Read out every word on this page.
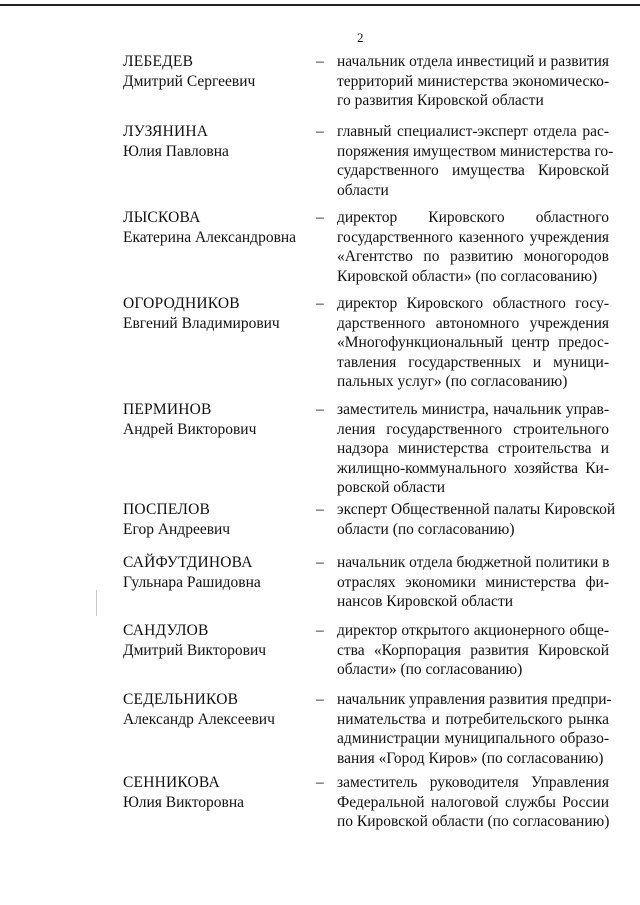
2
ЛЕБЕДЕВ
Дмитрий Сергеевич
– начальник отдела инвестиций и развития
территорий министерства экономическо-
го развития Кировской области
ЛУЗЯНИНА
Юлия Павловна
– главный специалист-эксперт отдела рас-
поряжения имуществом министерства го-
сударственного имущества Кировской
области
ЛЫСКОВА
Екатерина Александровна
– директор Кировского областного
государственного казенного учреждения
«Агентство по развитию моногородов
Кировской области» (по согласованию)
ОГОРОДНИКОВ
Евгений Владимирович
– директор Кировского областного госу-
дарственного автономного учреждения
«Многофункциональный центр предос-
тавления государственных и муници-
пальных услуг» (по согласованию)
ПЕРМИНОВ
Андрей Викторович
– заместитель министра, начальник управ-
ления государственного строительного
надзора министерства строительства и
жилищно-коммунального хозяйства Ки-
ровской области
ПОСПЕЛОВ
Егор Андреевич
– эксперт Общественной палаты Кировской
области (по согласованию)
САЙФУТДИНОВА
Гульнара Рашидовна
– начальник отдела бюджетной политики в
отраслях экономики министерства фи-
нансов Кировской области
САНДУЛОВ
Дмитрий Викторович
– директор открытого акционерного обще-
ства «Корпорация развития Кировской
области» (по согласованию)
СЕДЕЛЬНИКОВ
Александр Алексеевич
– начальник управления развития предпри-
нимательства и потребительского рынка
администрации муниципального образо-
вания «Город Киров» (по согласованию)
СЕННИКОВА
Юлия Викторовна
– заместитель руководителя Управления
Федеральной налоговой службы России
по Кировской области (по согласованию)
